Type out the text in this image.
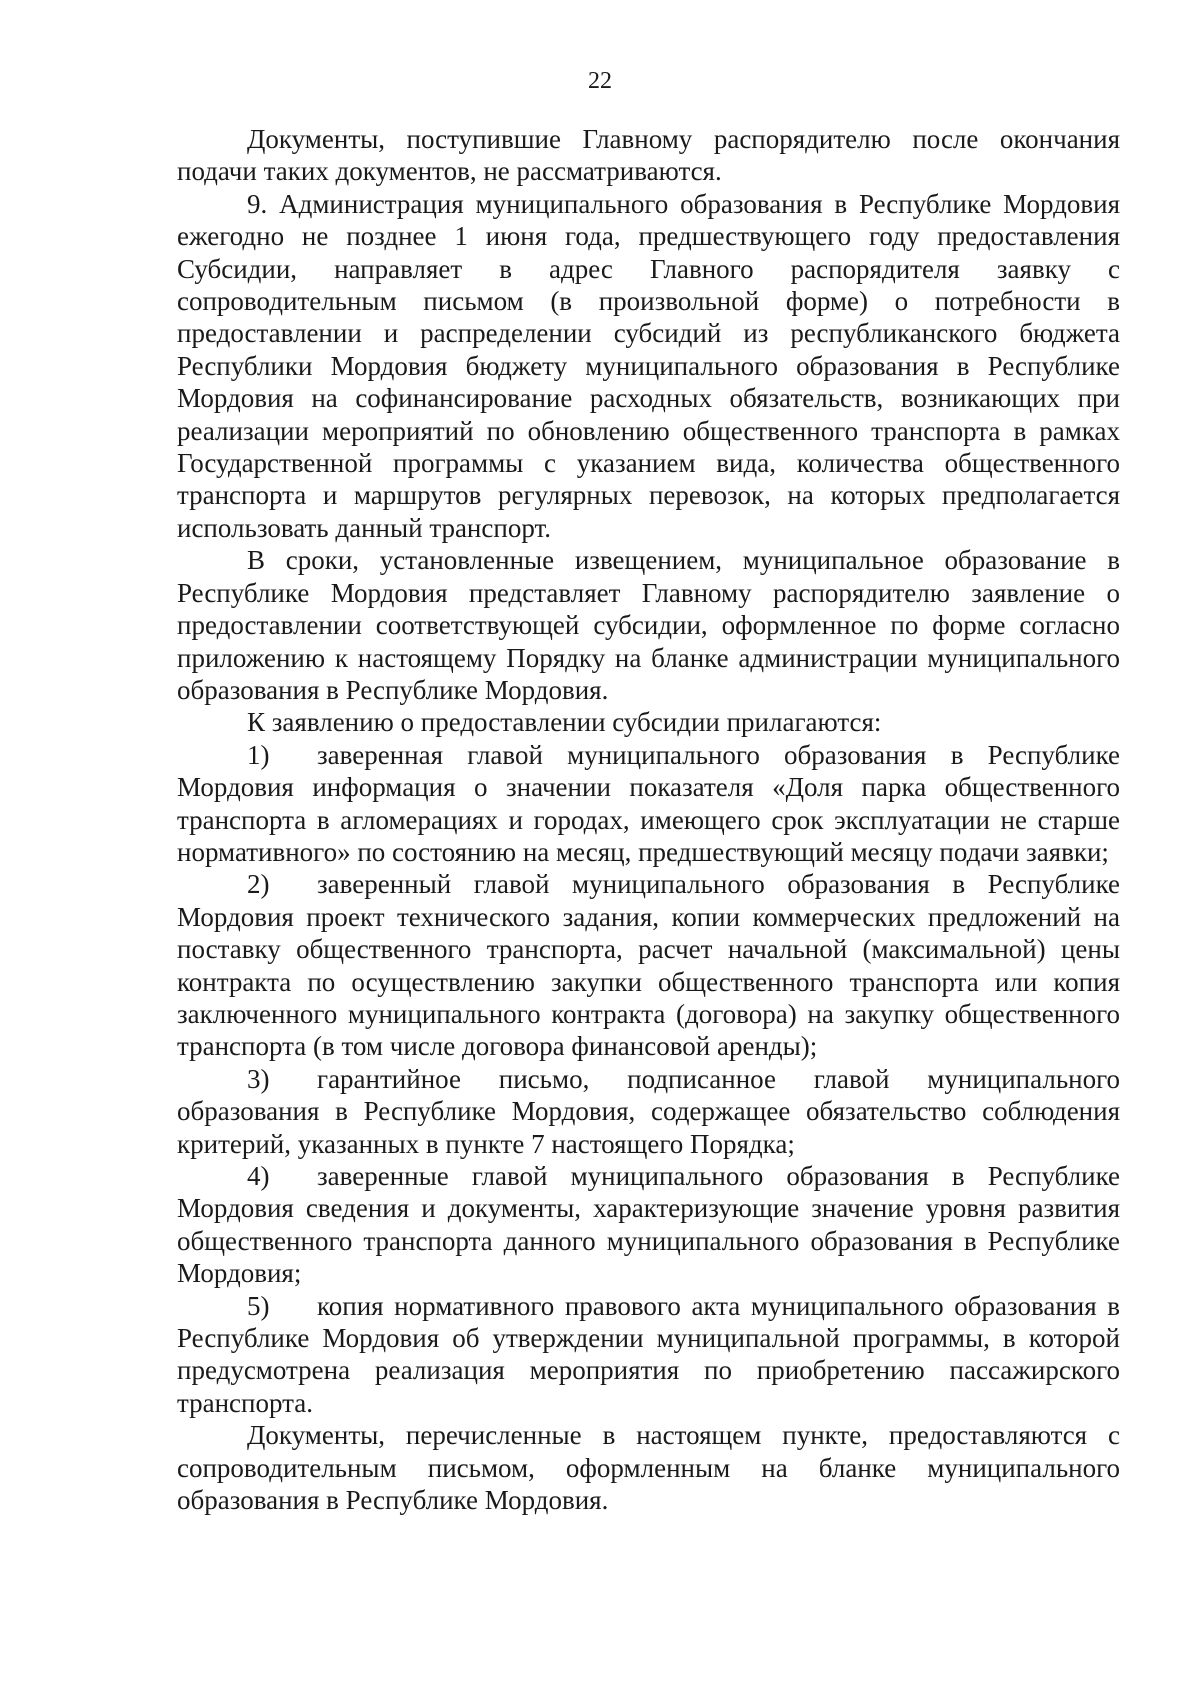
22

Документы, поступившие Главному распорядителю после окончания подачи таких документов, не рассматриваются.

9. Администрация муниципального образования в Республике Мордовия ежегодно не позднее 1 июня года, предшествующего году предоставления Субсидии, направляет в адрес Главного распорядителя заявку с сопроводительным письмом (в произвольной форме) о потребности в предоставлении и распределении субсидий из республиканского бюджета Республики Мордовия бюджету муниципального образования в Республике Мордовия на софинансирование расходных обязательств, возникающих при реализации мероприятий по обновлению общественного транспорта в рамках Государственной программы с указанием вида, количества общественного транспорта и маршрутов регулярных перевозок, на которых предполагается использовать данный транспорт.

В сроки, установленные извещением, муниципальное образование в Республике Мордовия представляет Главному распорядителю заявление о предоставлении соответствующей субсидии, оформленное по форме согласно приложению к настоящему Порядку на бланке администрации муниципального образования в Республике Мордовия.

К заявлению о предоставлении субсидии прилагаются:

1) заверенная главой муниципального образования в Республике Мордовия информация о значении показателя «Доля парка общественного транспорта в агломерациях и городах, имеющего срок эксплуатации не старше нормативного» по состоянию на месяц, предшествующий месяцу подачи заявки;

2) заверенный главой муниципального образования в Республике Мордовия проект технического задания, копии коммерческих предложений на поставку общественного транспорта, расчет начальной (максимальной) цены контракта по осуществлению закупки общественного транспорта или копия заключенного муниципального контракта (договора) на закупку общественного транспорта (в том числе договора финансовой аренды);

3) гарантийное письмо, подписанное главой муниципального образования в Республике Мордовия, содержащее обязательство соблюдения критерий, указанных в пункте 7 настоящего Порядка;

4) заверенные главой муниципального образования в Республике Мордовия сведения и документы, характеризующие значение уровня развития общественного транспорта данного муниципального образования в Республике Мордовия;

5) копия нормативного правового акта муниципального образования в Республике Мордовия об утверждении муниципальной программы, в которой предусмотрена реализация мероприятия по приобретению пассажирского транспорта.

Документы, перечисленные в настоящем пункте, предоставляются с сопроводительным письмом, оформленным на бланке муниципального образования в Республике Мордовия.
